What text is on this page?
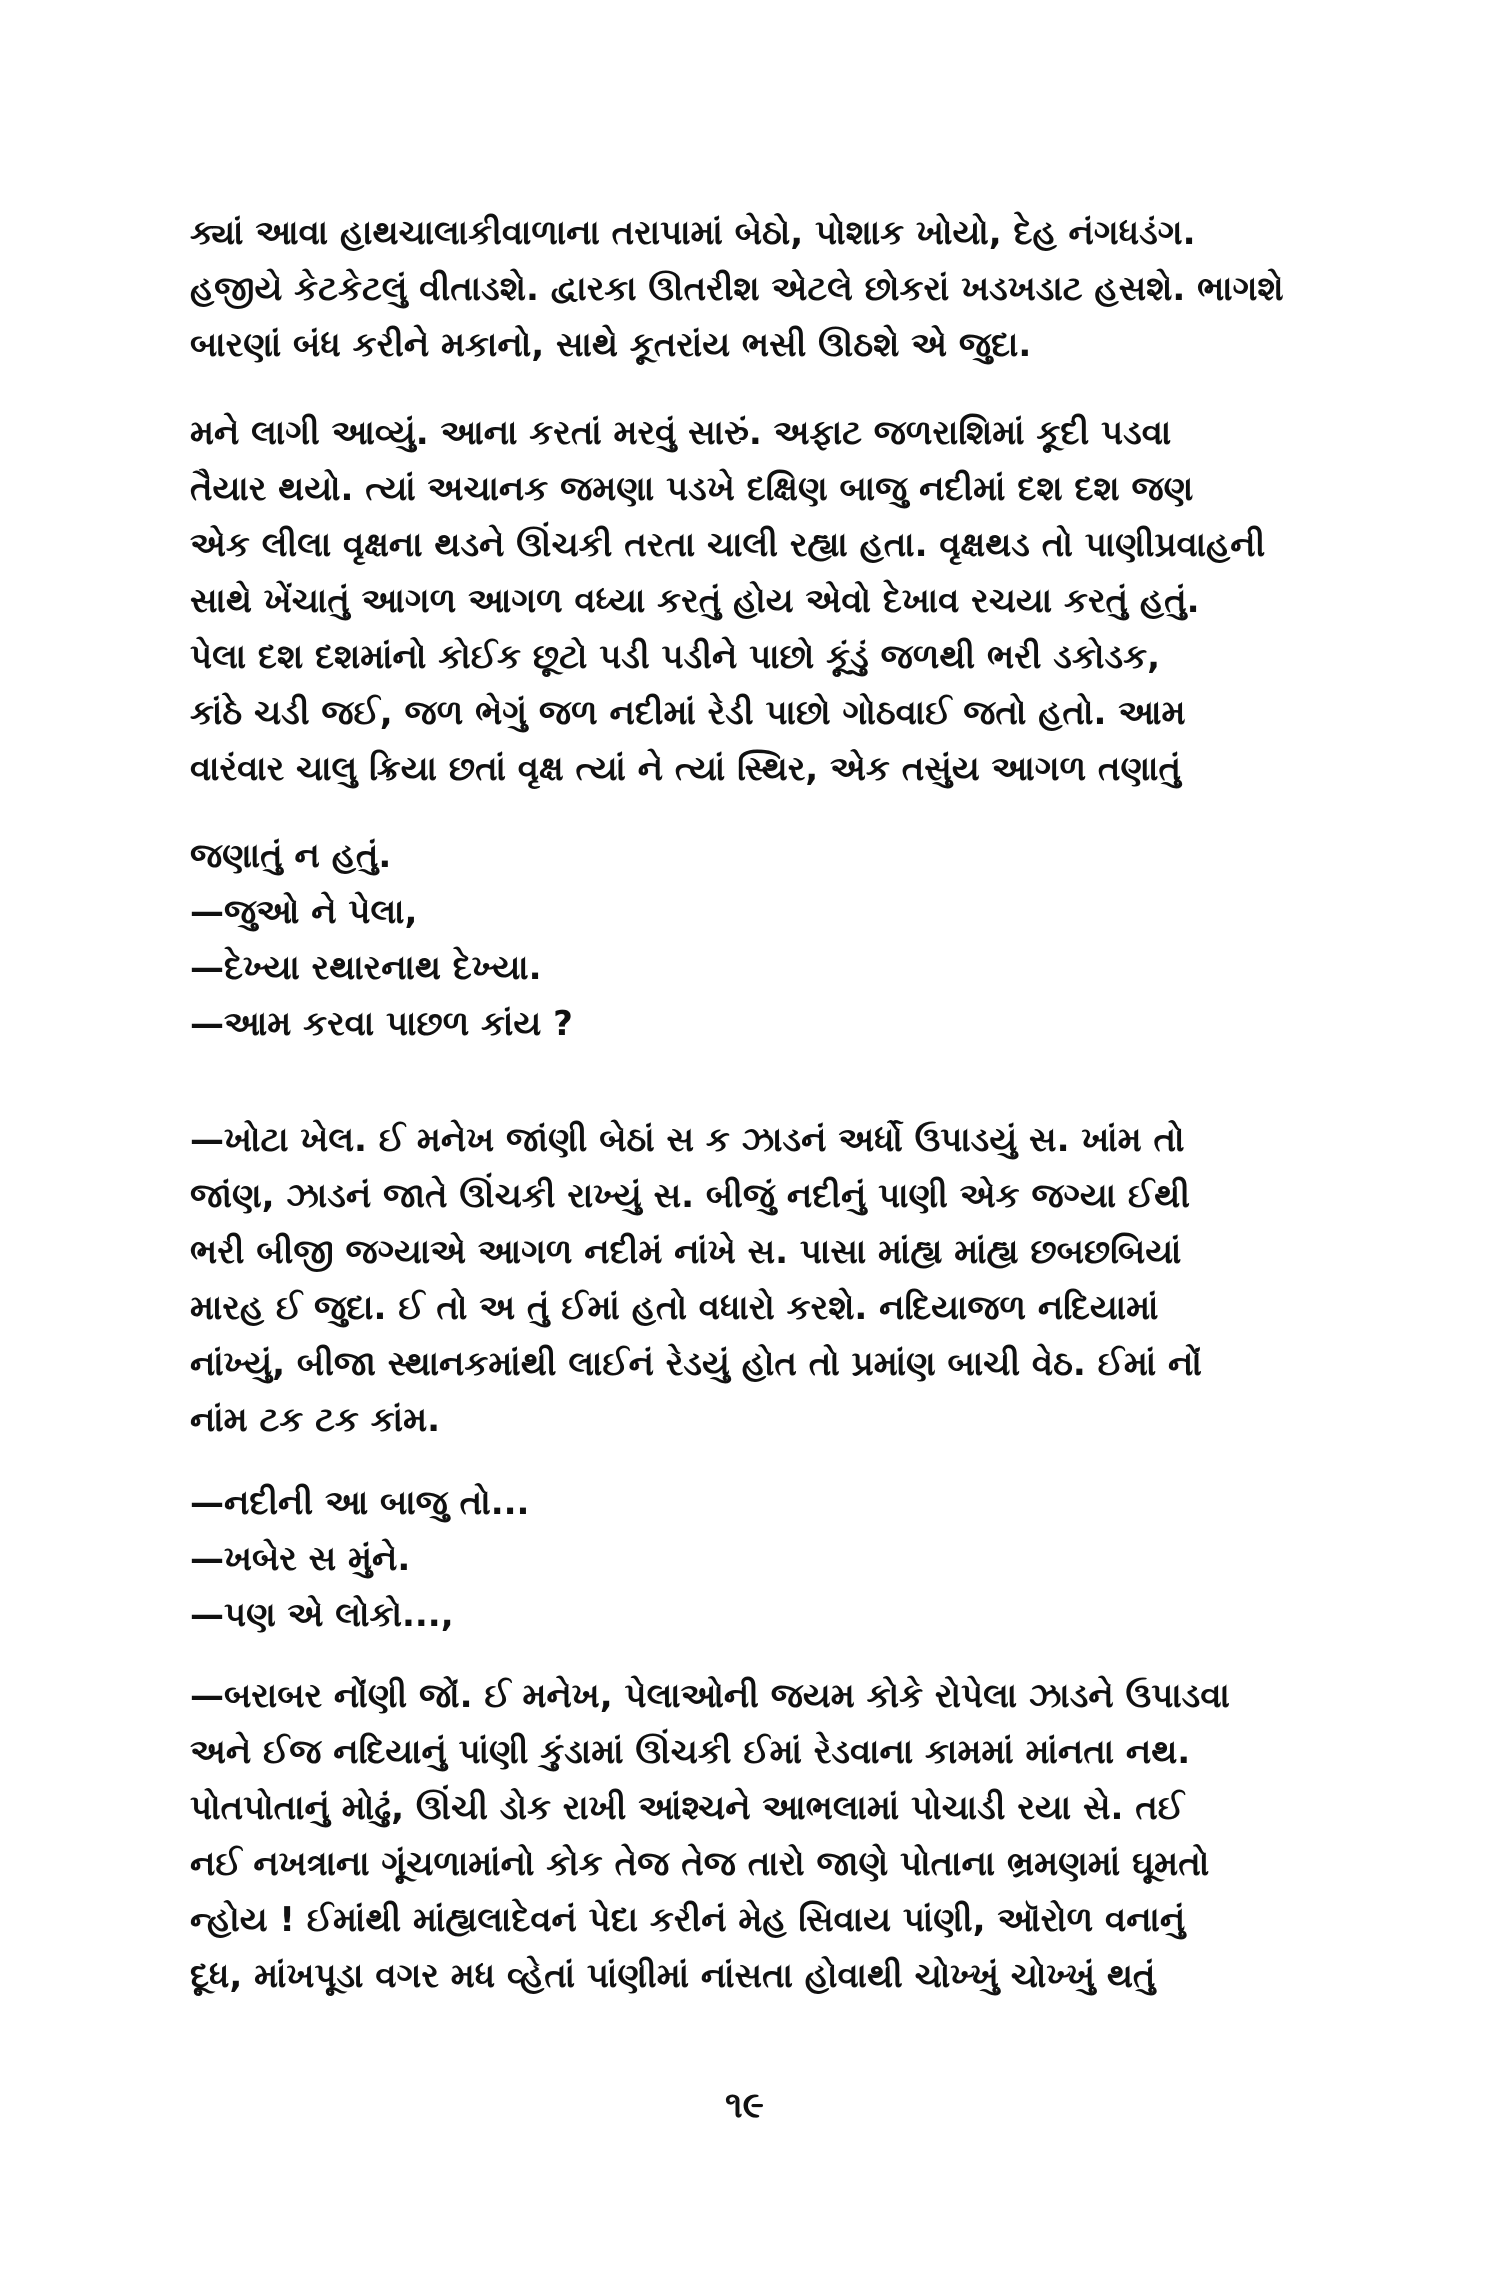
ક્યાં આવા હાથચાલાકીવાળાના તરાપામાં બેઠો, પોશાક ખોયો, દેહ નંગધડંગ.
હજીયે કેટકેટલું વીતાડશે. દ્વારકા ઊતરીશ એટલે છોકરાં ખડખડાટ હસશે. ભાગશે
બારણાં બંધ કરીને મકાનો, સાથે કૂતરાંય ભસી ઊઠશે એ જુદા.
મને લાગી આવ્યું. આના કરતાં મરવું સારું. અફાટ જળરાશિમાં કૂદી પડવા
તૈયાર થયો. ત્યાં અચાનક જમણા પડખે દક્ષિણ બાજુ નદીમાં દશ દશ જણ
એક લીલા વૃક્ષના થડને ઊંચકી તરતા ચાલી રહ્યા હતા. વૃક્ષથડ તો પાણીપ્રવાહની
સાથે ખેંચાતું આગળ આગળ વધ્યા કરતું હોય એવો દેખાવ રચયા કરતું હતું.
પેલા દશ દશમાંનો કોઈક છૂટો પડી પડીને પાછો કૂંડું જળથી ભરી ડકોડક,
કાંઠે ચડી જઈ, જળ ભેગું જળ નદીમાં રેડી પાછો ગોઠવાઈ જતો હતો. આમ
વારંવાર ચાલુ ક્રિયા છતાં વૃક્ષ ત્યાં ને ત્યાં સ્થિર, એક તસુંય આગળ તણાતું
જણાતું ન હતું.
—જુઓ ને પેલા,
—દેખ્યા રથારનાથ દેખ્યા.
—આમ કરવા પાછળ કાંય ?
—ખોટા ખેલ. ઈ મનેખ જાંણી બેઠાં સ ક ઝાડનં અર્ધો ઉપાડયું સ. ખાંમ તો
જાંણ, ઝાડનં જાતે ઊંચકી રાખ્યું સ. બીજું નદીનું પાણી એક જગ્યા ઈથી
ભરી બીજી જગ્યાએ આગળ નદીમં નાંખે સ. પાસા માંહ્ય માંહ્ય છબછબિયાં
મારહ ઈ જુદા. ઈ તો અ તું ઈમાં હતો વધારો કરશે. નદિયાજળ નદિયામાં
નાંખ્યું, બીજા સ્થાનકમાંથી લાઈનં રેડયું હોત તો પ્રમાંણ બાચી વેઠ. ઈમાં નોં
નાંમ ટક ટક કાંમ.
—નદીની આ બાજુ તો...
—ખબેર સ મુંને.
—પણ એ લોકો...,
—બરાબર નોંણી જોં. ઈ મનેખ, પેલાઓની જયમ કોકે રોપેલા ઝાડને ઉપાડવા
અને ઈજ નદિયાનું પાંણી કુંડામાં ઊંચકી ઈમાં રેડવાના કામમાં માંનતા નથ.
પોતપોતાનું મોઢું, ઊંચી ડોક રાખી આંશ્ચને આભલામાં પોચાડી રયા સે. તઈ
નઈ નખત્રાના ગૂંચળામાંનો કોક તેજ તેજ તારો જાણે પોતાના ભ્રમણમાં ઘૂમતો
ન્હોય ! ઈમાંથી માંહ્યલાદેવનં પેદા કરીનં મેહ સિવાય પાંણી, ઑરોળ વનાનું
દૂધ, માંખપૂડા વગર મધ વ્હેતાં પાંણીમાં નાંસતા હોવાથી ચોખ્ખું ચોખ્ખું થતું
૧૯
